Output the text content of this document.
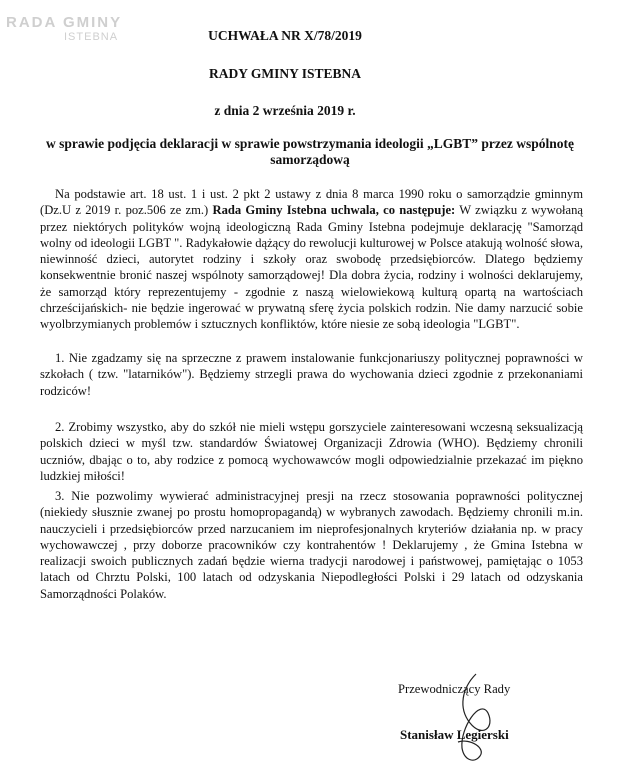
RADA GMINY
ISTEBNA	UCHWAŁA NR X/78/2019
RADY GMINY ISTEBNA
z dnia 2 września 2019 r.
w sprawie podjęcia deklaracji w sprawie powstrzymania ideologii „LGBT” przez wspólnotę samorządową
Na podstawie art. 18 ust. 1 i ust. 2 pkt 2 ustawy z dnia 8 marca 1990 roku o samorządzie gminnym (Dz.U z 2019 r. poz.506 ze zm.) Rada Gminy Istebna uchwala, co następuje: W związku z wywołaną przez niektórych polityków wojną ideologiczną Rada Gminy Istebna podejmuje deklarację "Samorząd wolny od ideologii LGBT ". Radykałowie dążący do rewolucji kulturowej w Polsce atakują wolność słowa, niewinność dzieci, autorytet rodziny i szkoły oraz swobodę przedsiębiorców. Dlatego będziemy konsekwentnie bronić naszej wspólnoty samorządowej! Dla dobra życia, rodziny i wolności deklarujemy, że samorząd który reprezentujemy - zgodnie z naszą wielowiekową kulturą opartą na wartościach chrześcijańskich- nie będzie ingerować w prywatną sferę życia polskich rodzin. Nie damy narzucić sobie wyolbrzymianych problemów i sztucznych konfliktów, które niesie ze sobą ideologia "LGBT".
1. Nie zgadzamy się na sprzeczne z prawem instalowanie funkcjonariuszy politycznej poprawności w szkołach ( tzw. "latarników"). Będziemy strzegli prawa do wychowania dzieci zgodnie z przekonaniami rodziców!
2. Zrobimy wszystko, aby do szkół nie mieli wstępu gorszyciele zainteresowani wczesną seksualizacją polskich dzieci w myśl tzw. standardów Światowej Organizacji Zdrowia (WHO). Będziemy chronili uczniów, dbając o to, aby rodzice z pomocą wychowawców mogli odpowiedzialnie przekazać im piękno ludzkiej miłości!
3. Nie pozwolimy wywierać administracyjnej presji na rzecz stosowania poprawności politycznej (niekiedy słusznie zwanej po prostu homopropagandą) w wybranych zawodach. Będziemy chronili m.in. nauczycieli i przedsiębiorców przed narzucaniem im nieprofesjonalnych kryteriów działania np. w pracy wychowawczej , przy doborze pracowników czy kontrahentów ! Deklarujemy , że Gmina Istebna w realizacji swoich publicznych zadań będzie wierna tradycji narodowej i państwowej, pamiętając o 1053 latach od Chrztu Polski, 100 latach od odzyskania Niepodległości Polski i 29 latach od odzyskania Samorządności Polaków.
Przewodniczący Rady
Stanisław Legierski
